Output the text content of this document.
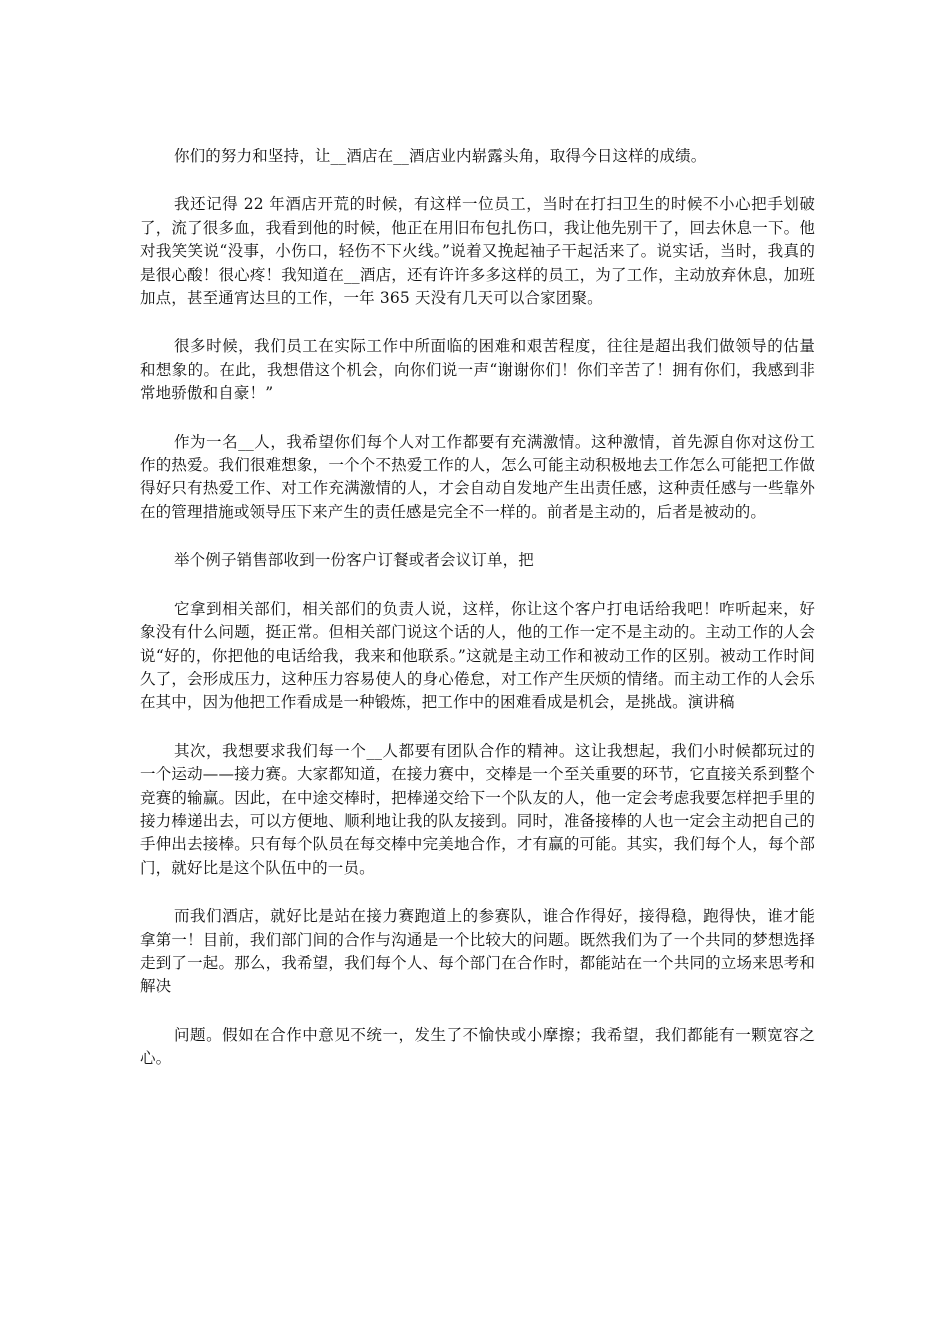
你们的努力和坚持，让__酒店在__酒店业内崭露头角，取得今日这样的成绩。

我还记得 22 年酒店开荒的时候，有这样一位员工，当时在打扫卫生的时候不小心把手划破了，流了很多血，我看到他的时候，他正在用旧布包扎伤口，我让他先别干了，回去休息一下。他对我笑笑说“没事，小伤口，轻伤不下火线。”说着又挽起袖子干起活来了。说实话，当时，我真的是很心酸！很心疼！我知道在__酒店，还有许许多多这样的员工，为了工作，主动放弃休息，加班加点，甚至通宵达旦的工作，一年 365 天没有几天可以合家团聚。

很多时候，我们员工在实际工作中所面临的困难和艰苦程度，往往是超出我们做领导的估量和想象的。在此，我想借这个机会，向你们说一声“谢谢你们！你们辛苦了！拥有你们，我感到非常地骄傲和自豪！”

作为一名__人，我希望你们每个人对工作都要有充满激情。这种激情，首先源自你对这份工作的热爱。我们很难想象，一个个不热爱工作的人，怎么可能主动积极地去工作怎么可能把工作做得好只有热爱工作、对工作充满激情的人，才会自动自发地产生出责任感，这种责任感与一些靠外在的管理措施或领导压下来产生的责任感是完全不一样的。前者是主动的，后者是被动的。

举个例子销售部收到一份客户订餐或者会议订单，把

它拿到相关部们，相关部们的负责人说，这样，你让这个客户打电话给我吧！咋听起来，好象没有什么问题，挺正常。但相关部门说这个话的人，他的工作一定不是主动的。主动工作的人会说“好的，你把他的电话给我，我来和他联系。”这就是主动工作和被动工作的区别。被动工作时间久了，会形成压力，这种压力容易使人的身心倦怠，对工作产生厌烦的情绪。而主动工作的人会乐在其中，因为他把工作看成是一种锻炼，把工作中的困难看成是机会，是挑战。演讲稿

其次，我想要求我们每一个__人都要有团队合作的精神。这让我想起，我们小时候都玩过的一个运动——接力赛。大家都知道，在接力赛中，交棒是一个至关重要的环节，它直接关系到整个竞赛的输赢。因此，在中途交棒时，把棒递交给下一个队友的人，他一定会考虑我要怎样把手里的接力棒递出去，可以方便地、顺利地让我的队友接到。同时，准备接棒的人也一定会主动把自己的手伸出去接棒。只有每个队员在每交棒中完美地合作，才有赢的可能。其实，我们每个人，每个部门，就好比是这个队伍中的一员。

而我们酒店，就好比是站在接力赛跑道上的参赛队，谁合作得好，接得稳，跑得快，谁才能拿第一！目前，我们部门间的合作与沟通是一个比较大的问题。既然我们为了一个共同的梦想选择走到了一起。那么，我希望，我们每个人、每个部门在合作时，都能站在一个共同的立场来思考和解决

问题。假如在合作中意见不统一，发生了不愉快或小摩擦；我希望，我们都能有一颗宽容之心。
